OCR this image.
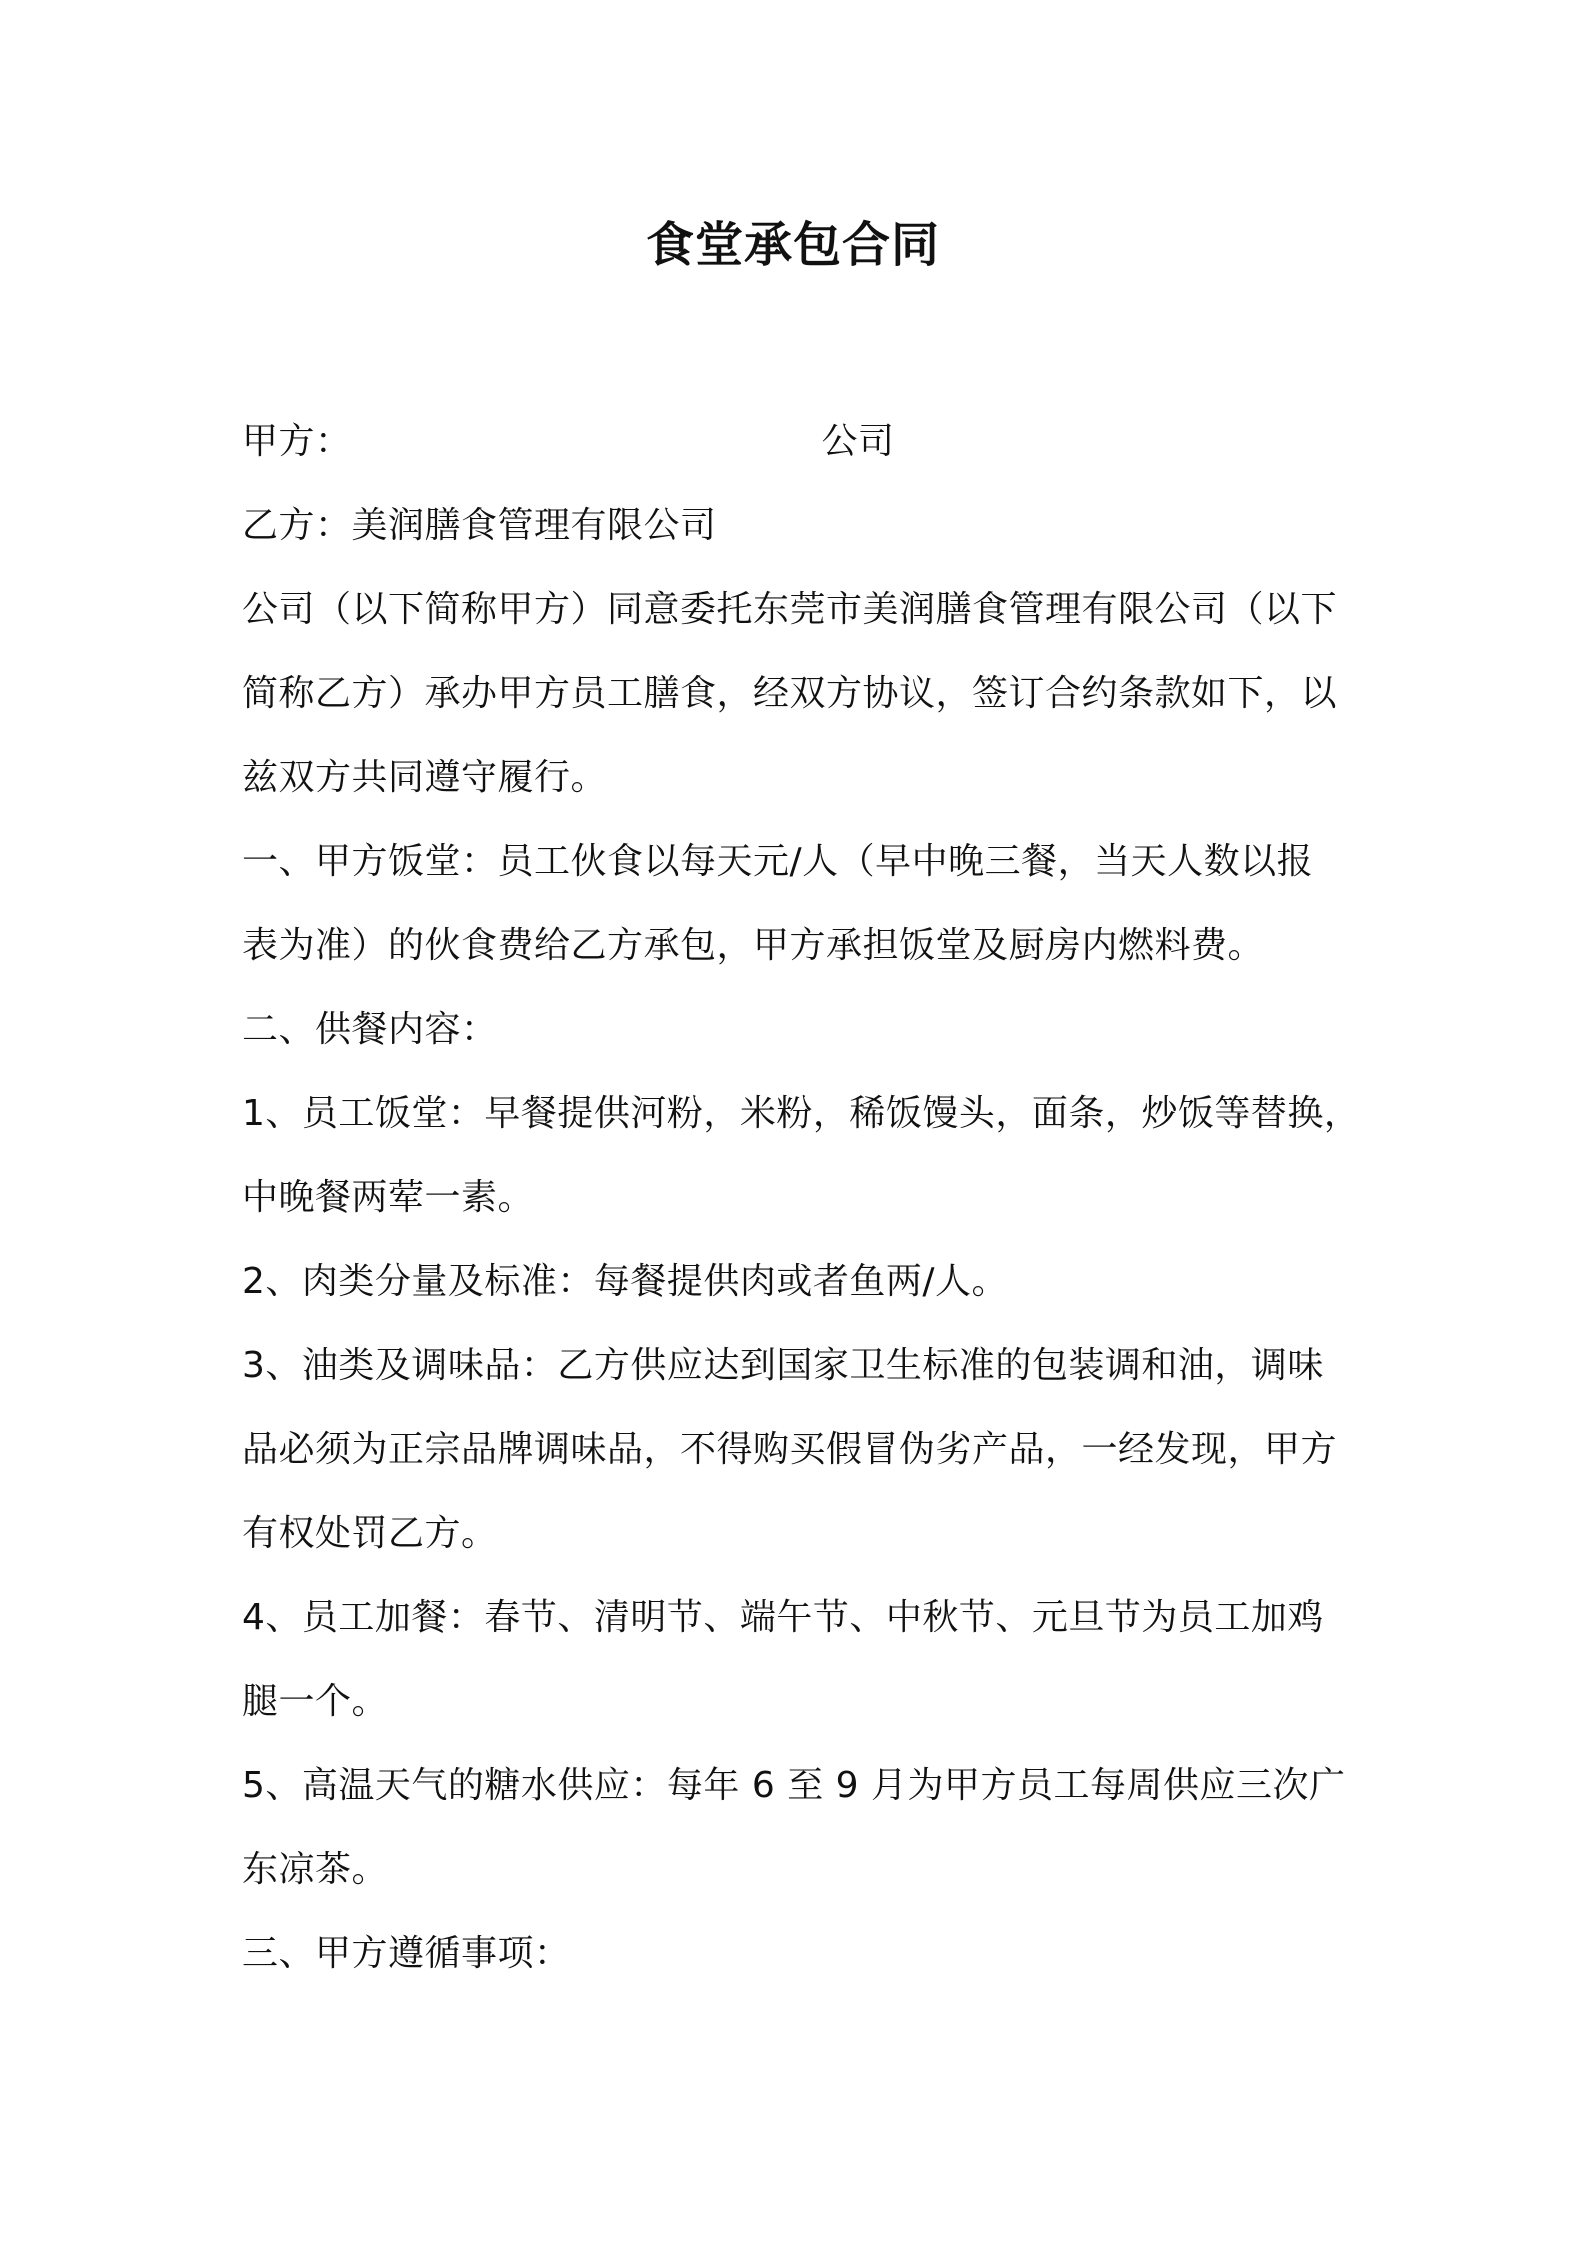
食堂承包合同
甲方：	公司
乙方：美润膳食管理有限公司
公司（以下简称甲方）同意委托东莞市美润膳食管理有限公司（以下
简称乙方）承办甲方员工膳食，经双方协议，签订合约条款如下，以
兹双方共同遵守履行。
一、甲方饭堂：员工伙食以每天元/人（早中晚三餐，当天人数以报
表为准）的伙食费给乙方承包，甲方承担饭堂及厨房内燃料费。
二、供餐内容：
1、员工饭堂：早餐提供河粉，米粉，稀饭馒头，面条，炒饭等替换，
中晚餐两荤一素。
2、肉类分量及标准：每餐提供肉或者鱼两/人。
3、油类及调味品：乙方供应达到国家卫生标准的包装调和油，调味
品必须为正宗品牌调味品，不得购买假冒伪劣产品，一经发现，甲方
有权处罚乙方。
4、员工加餐：春节、清明节、端午节、中秋节、元旦节为员工加鸡
腿一个。
5、高温天气的糖水供应：每年 6 至 9 月为甲方员工每周供应三次广
东凉茶。
三、甲方遵循事项：
